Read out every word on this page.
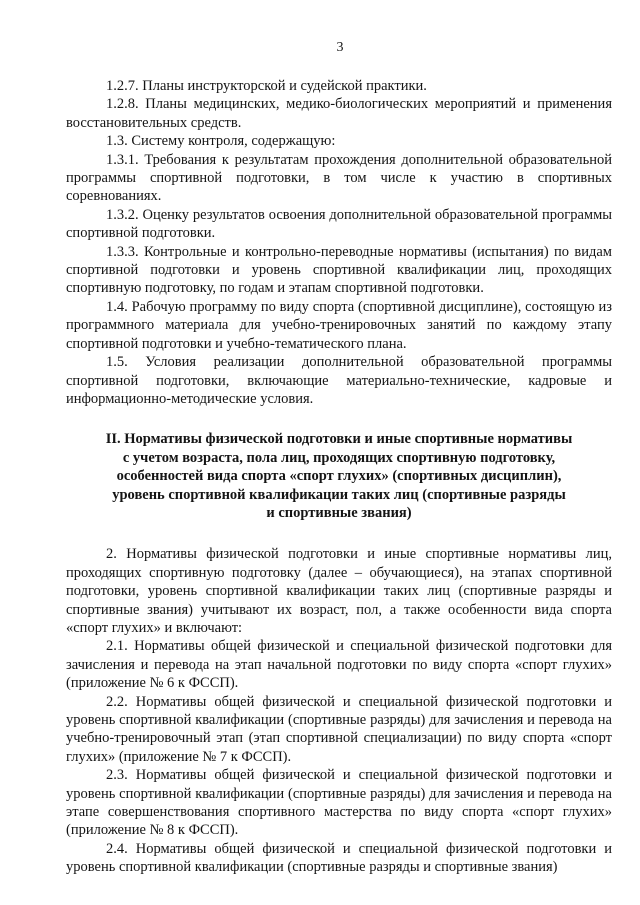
3

1.2.7. Планы инструкторской и судейской практики.

1.2.8. Планы медицинских, медико-биологических мероприятий и применения восстановительных средств.

1.3. Систему контроля, содержащую:

1.3.1. Требования к результатам прохождения дополнительной образовательной программы спортивной подготовки, в том числе к участию в спортивных соревнованиях.

1.3.2. Оценку результатов освоения дополнительной образовательной программы спортивной подготовки.

1.3.3. Контрольные и контрольно-переводные нормативы (испытания) по видам спортивной подготовки и уровень спортивной квалификации лиц, проходящих спортивную подготовку, по годам и этапам спортивной подготовки.

1.4. Рабочую программу по виду спорта (спортивной дисциплине), состоящую из программного материала для учебно-тренировочных занятий по каждому этапу спортивной подготовки и учебно-тематического плана.

1.5. Условия реализации дополнительной образовательной программы спортивной подготовки, включающие материально-технические, кадровые и информационно-методические условия.

II. Нормативы физической подготовки и иные спортивные нормативы
с учетом возраста, пола лиц, проходящих спортивную подготовку,
особенностей вида спорта «спорт глухих» (спортивных дисциплин),
уровень спортивной квалификации таких лиц (спортивные разряды
и спортивные звания)

2. Нормативы физической подготовки и иные спортивные нормативы лиц, проходящих спортивную подготовку (далее – обучающиеся), на этапах спортивной подготовки, уровень спортивной квалификации таких лиц (спортивные разряды и спортивные звания) учитывают их возраст, пол, а также особенности вида спорта «спорт глухих» и включают:

2.1. Нормативы общей физической и специальной физической подготовки для зачисления и перевода на этап начальной подготовки по виду спорта «спорт глухих» (приложение № 6 к ФССП).

2.2. Нормативы общей физической и специальной физической подготовки и уровень спортивной квалификации (спортивные разряды) для зачисления и перевода на учебно-тренировочный этап (этап спортивной специализации) по виду спорта «спорт глухих» (приложение № 7 к ФССП).

2.3. Нормативы общей физической и специальной физической подготовки и уровень спортивной квалификации (спортивные разряды) для зачисления и перевода на этапе совершенствования спортивного мастерства по виду спорта «спорт глухих» (приложение № 8 к ФССП).

2.4. Нормативы общей физической и специальной физической подготовки и уровень спортивной квалификации (спортивные разряды и спортивные звания)
